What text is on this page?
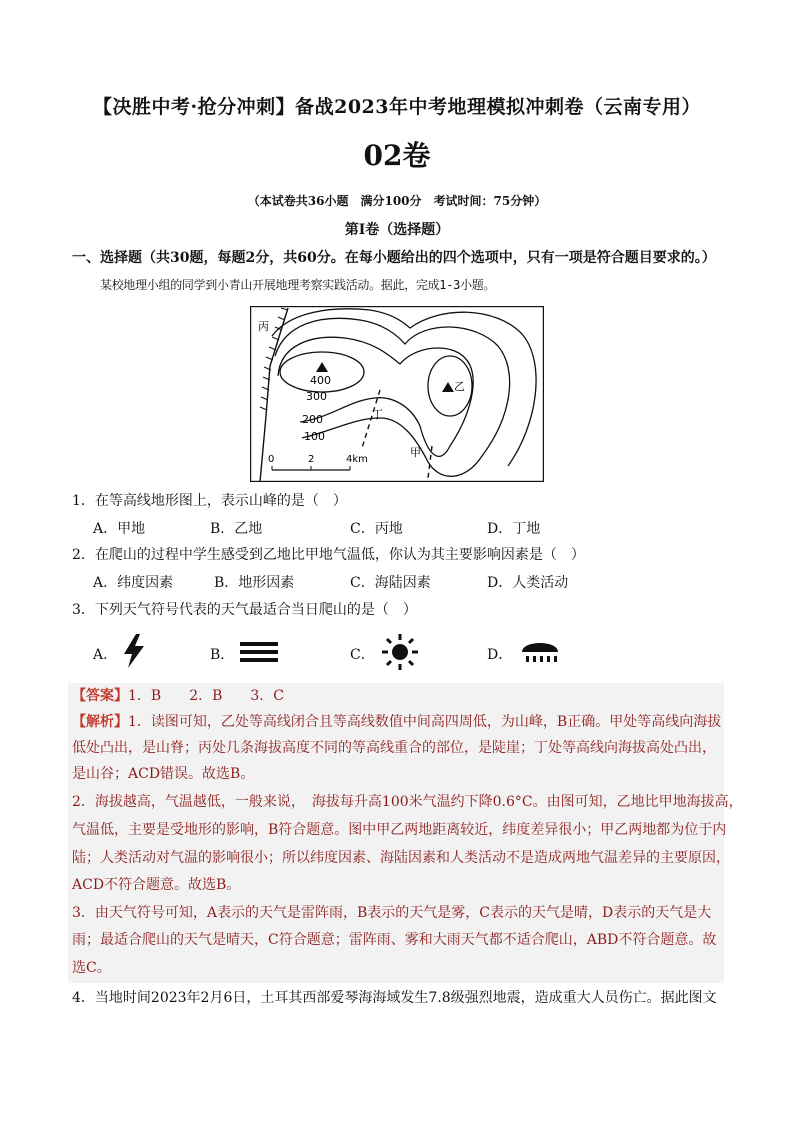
【决胜中考·抢分冲刺】备战2023年中考地理模拟冲刺卷（云南专用）
02卷
（本试卷共36小题　满分100分　考试时间：75分钟）
第Ⅰ卷（选择题）
一、选择题（共30题，每题2分，共60分。在每小题给出的四个选项中，只有一项是符合题目要求的。）
某校地理小组的同学到小青山开展地理考察实践活动。据此，完成1-3小题。
丙
乙
丁
甲
400
300
200
100
0	2	4km
1．在等高线地形图上，表示山峰的是（　）
A．甲地	B．乙地	C．丙地	D．丁地
2．在爬山的过程中学生感受到乙地比甲地气温低，你认为其主要影响因素是（　）
A．纬度因素	B．地形因素	C．海陆因素	D．人类活动
3．下列天气符号代表的天气最适合当日爬山的是（　）
A．	B．	C．	D．
【答案】1．B　　2．B　　3．C
【解析】1．读图可知，乙处等高线闭合且等高线数值中间高四周低，为山峰，B正确。甲处等高线向海拔
低处凸出，是山脊；丙处几条海拔高度不同的等高线重合的部位，是陡崖；丁处等高线向海拔高处凸出，
是山谷；ACD错误。故选B。
2．海拔越高，气温越低，一般来说，　海拔每升高100米气温约下降0.6°C。由图可知，乙地比甲地海拔高，
气温低，主要是受地形的影响，B符合题意。图中甲乙两地距离较近，纬度差异很小；甲乙两地都为位于内
陆；人类活动对气温的影响很小；所以纬度因素、海陆因素和人类活动不是造成两地气温差异的主要原因，
ACD不符合题意。故选B。
3．由天气符号可知，A表示的天气是雷阵雨，B表示的天气是雾，C表示的天气是晴，D表示的天气是大
雨；最适合爬山的天气是晴天，C符合题意；雷阵雨、雾和大雨天气都不适合爬山，ABD不符合题意。故
选C。
4．当地时间2023年2月6日，土耳其西部爱琴海海域发生7.8级强烈地震，造成重大人员伤亡。据此图文
